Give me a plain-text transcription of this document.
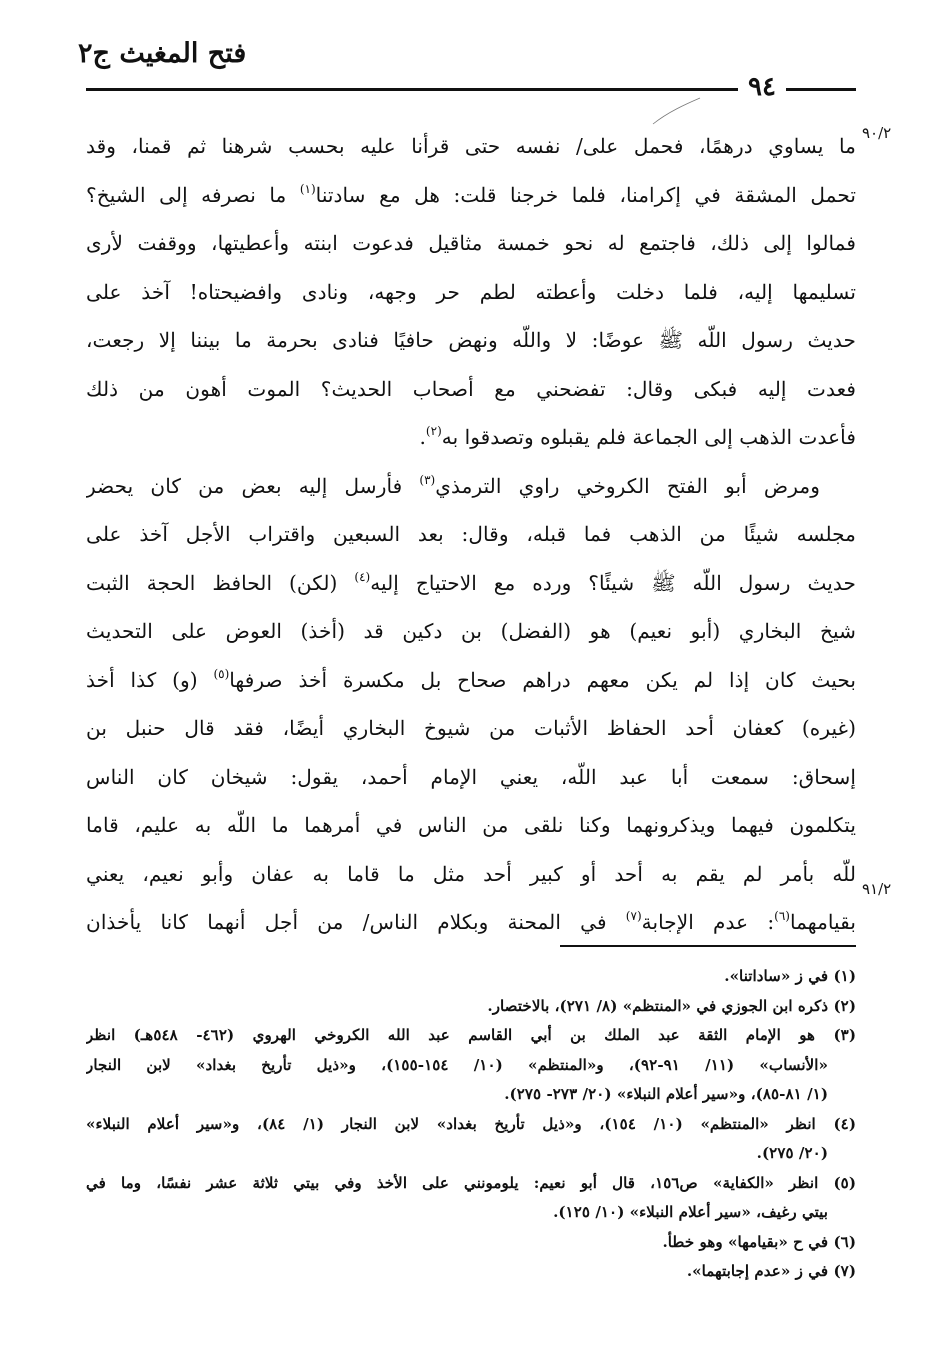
فتح المغيث ج٢
٩٤
٩٠/٢
٩١/٢
ما يساوي درهمًا، فحمل على/ نفسه حتى قرأنا عليه بحسب شرهنا ثم قمنا، وقد
تحمل المشقة في إكرامنا، فلما خرجنا قلت: هل مع سادتنا$^{(١)}$ ما نصرفه إلى الشيخ؟
فمالوا إلى ذلك، فاجتمع له نحو خمسة مثاقيل فدعوت ابنته وأعطيتها، ووقفت لأرى
تسليمها إليه، فلما دخلت وأعطته لطم حر وجهه، ونادى وافضيحتاه! آخذ على
حديث رسول اللّه ﷺ عوضًا: لا واللّه ونهض حافيًا فنادى بحرمة ما بيننا إلا رجعت،
فعدت إليه فبكى وقال: تفضحني مع أصحاب الحديث؟ الموت أهون من ذلك
فأعدت الذهب إلى الجماعة فلم يقبلوه وتصدقوا به$^{(٢)}$.
ومرض أبو الفتح الكروخي راوي الترمذي$^{(٣)}$ فأرسل إليه بعض من كان يحضر
مجلسه شيئًا من الذهب فما قبله، وقال: بعد السبعين واقتراب الأجل آخذ على
حديث رسول اللّه ﷺ شيئًا؟ ورده مع الاحتياج إليه$^{(٤)}$ (لكن) الحافظ الحجة الثبت
شيخ البخاري (أبو نعيم) هو (الفضل) بن دكين قد (أخذ) العوض على التحديث
بحيث كان إذا لم يكن معهم دراهم صحاح بل مكسرة أخذ صرفها$^{(٥)}$ (و) كذا أخذ
(غيره) كعفان أحد الحفاظ الأثبات من شيوخ البخاري أيضًا، فقد قال حنبل بن
إسحاق: سمعت أبا عبد اللّه، يعني الإمام أحمد، يقول: شيخان كان الناس
يتكلمون فيهما ويذكرونهما وكنا نلقى من الناس في أمرهما ما اللّه به عليم، قاما
للّه بأمر لم يقم به أحد أو كبير أحد مثل ما قاما به عفان وأبو نعيم، يعني
بقيامهما$^{(٦)}$: عدم الإجابة$^{(٧)}$ في المحنة وبكلام الناس/ من أجل أنهما كانا يأخذان
(١) في ز «ساداتنا».
(٢) ذكره ابن الجوزي في «المنتظم» (٨/ ٢٧١)، بالاختصار.
(٣) هو الإمام الثقة عبد الملك بن أبي القاسم عبد الله الكروخي الهروي (٤٦٢- ٥٤٨هـ) انظر
«الأنساب» (١١/ ٩١-٩٢)، و«المنتظم» (١٠/ ١٥٤-١٥٥)، و«ذيل تأريخ بغداد» لابن النجار
(١/ ٨١-٨٥)، و«سير أعلام النبلاء» (٢٠/ ٢٧٣- ٢٧٥).
(٤) انظر «المنتظم» (١٠/ ١٥٤)، و«ذيل تأريخ بغداد» لابن النجار (١/ ٨٤)، و«سير أعلام النبلاء»
(٢٠/ ٢٧٥).
(٥) انظر «الكفاية» ص١٥٦، قال أبو نعيم: يلومونني على الأخذ وفي بيتي ثلاثة عشر نفسًا، وما في
بيتي رغيف، «سير أعلام النبلاء» (١٠/ ١٢٥).
(٦) في ح «بقيامها» وهو خطأ.
(٧) في ز «عدم إجابتهما».
